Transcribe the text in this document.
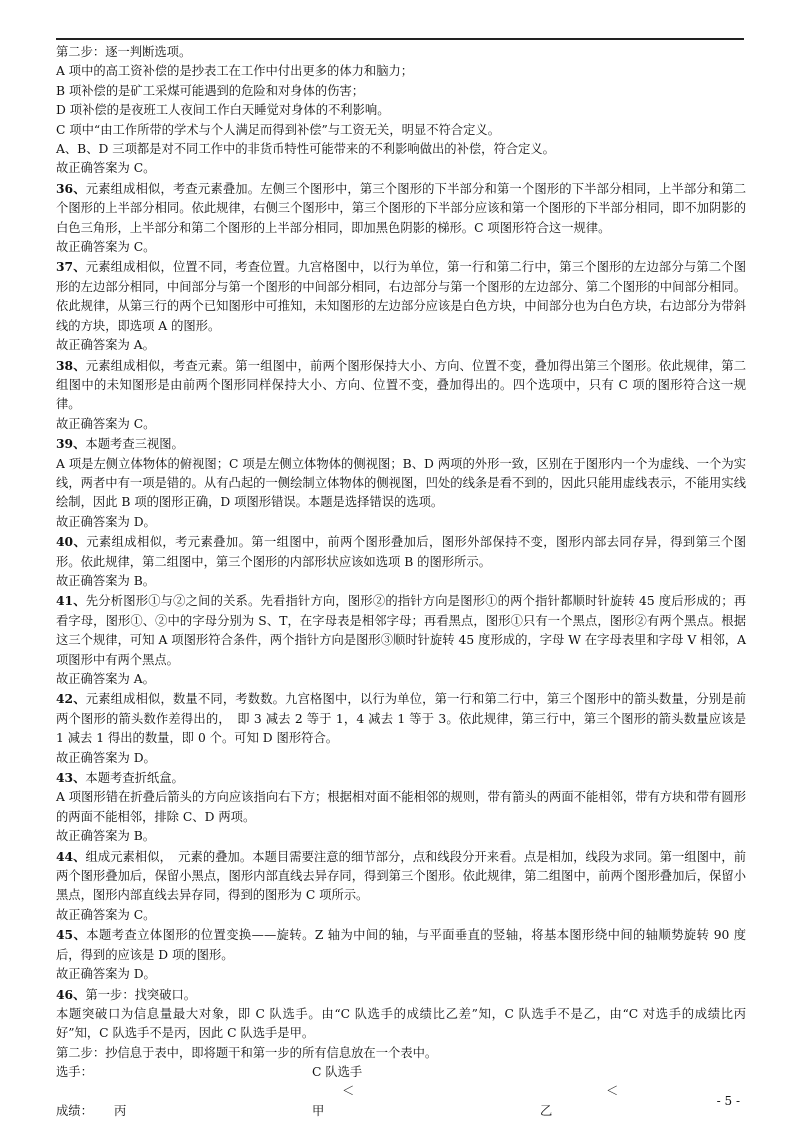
第二步：逐一判断选项。

A 项中的高工资补偿的是抄表工在工作中付出更多的体力和脑力；

B 项补偿的是矿工采煤可能遇到的危险和对身体的伤害；

D 项补偿的是夜班工人夜间工作白天睡觉对身体的不利影响。

C 项中“由工作所带的学术与个人满足而得到补偿”与工资无关，明显不符合定义。

A、B、D 三项都是对不同工作中的非货币特性可能带来的不利影响做出的补偿，符合定义。

故正确答案为 C。

36、元素组成相似，考查元素叠加。左侧三个图形中，第三个图形的下半部分和第一个图形的下半部分相同，上半部分和第二个图形的上半部分相同。依此规律，右侧三个图形中，第三个图形的下半部分应该和第一个图形的下半部分相同，即不加阴影的白色三角形，上半部分和第二个图形的上半部分相同，即加黑色阴影的梯形。C 项图形符合这一规律。

故正确答案为 C。

37、元素组成相似，位置不同，考查位置。九宫格图中，以行为单位，第一行和第二行中，第三个图形的左边部分与第二个图形的左边部分相同，中间部分与第一个图形的中间部分相同，右边部分与第一个图形的左边部分、第二个图形的中间部分相同。依此规律，从第三行的两个已知图形中可推知，未知图形的左边部分应该是白色方块，中间部分也为白色方块，右边部分为带斜线的方块，即选项 A 的图形。

故正确答案为 A。

38、元素组成相似，考查元素。第一组图中，前两个图形保持大小、方向、位置不变，叠加得出第三个图形。依此规律，第二组图中的未知图形是由前两个图形同样保持大小、方向、位置不变，叠加得出的。四个选项中，只有 C 项的图形符合这一规律。

故正确答案为 C。

39、本题考查三视图。

A 项是左侧立体物体的俯视图；C 项是左侧立体物体的侧视图；B、D 两项的外形一致，区别在于图形内一个为虚线、一个为实线，两者中有一项是错的。从有凸起的一侧绘制立体物体的侧视图，凹处的线条是看不到的，因此只能用虚线表示，不能用实线绘制，因此 B 项的图形正确，D 项图形错误。本题是选择错误的选项。

故正确答案为 D。

40、元素组成相似，考元素叠加。第一组图中，前两个图形叠加后，图形外部保持不变，图形内部去同存异，得到第三个图形。依此规律，第二组图中，第三个图形的内部形状应该如选项 B 的图形所示。

故正确答案为 B。

41、先分析图形①与②之间的关系。先看指针方向，图形②的指针方向是图形①的两个指针都顺时针旋转 45 度后形成的；再看字母，图形①、②中的字母分别为 S、T，在字母表是相邻字母；再看黑点，图形①只有一个黑点，图形②有两个黑点。根据这三个规律，可知 A 项图形符合条件，两个指针方向是图形③顺时针旋转 45 度形成的，字母 W 在字母表里和字母 V 相邻，A 项图形中有两个黑点。

故正确答案为 A。

42、元素组成相似，数量不同，考数数。九宫格图中，以行为单位，第一行和第二行中，第三个图形中的箭头数量，分别是前两个图形的箭头数作差得出的，　即 3 减去 2 等于 1，4 减去 1 等于 3。依此规律，第三行中，第三个图形的箭头数量应该是 1 减去 1 得出的数量，即 0 个。可知 D 图形符合。

故正确答案为 D。

43、本题考查折纸盒。

A 项图形错在折叠后箭头的方向应该指向右下方；根据相对面不能相邻的规则，带有箭头的两面不能相邻，带有方块和带有圆形的两面不能相邻，排除 C、D 两项。

故正确答案为 B。

44、组成元素相似，　元素的叠加。本题目需要注意的细节部分，点和线段分开来看。点是相加，线段为求同。第一组图中，前两个图形叠加后，保留小黑点，图形内部直线去异存同，得到第三个图形。依此规律，第二组图中，前两个图形叠加后，保留小黑点，图形内部直线去异存同，得到的图形为 C 项所示。

故正确答案为 C。

45、本题考查立体图形的位置变换——旋转。Z 轴为中间的轴，与平面垂直的竖轴，将基本图形绕中间的轴顺势旋转 90 度后，得到的应该是 D 项的图形。

故正确答案为 D。

46、第一步：找突破口。

本题突破口为信息量最大对象，即 C 队选手。由“C 队选手的成绩比乙差”知，C 队选手不是乙，由“C 对选手的成绩比丙好”知，C 队选手不是丙，因此 C 队选手是甲。

第二步：抄信息于表中，即将题干和第一步的所有信息放在一个表中。

选手：	C 队选手
＜	＜
成绩： 丙	甲	乙
- 5 -
